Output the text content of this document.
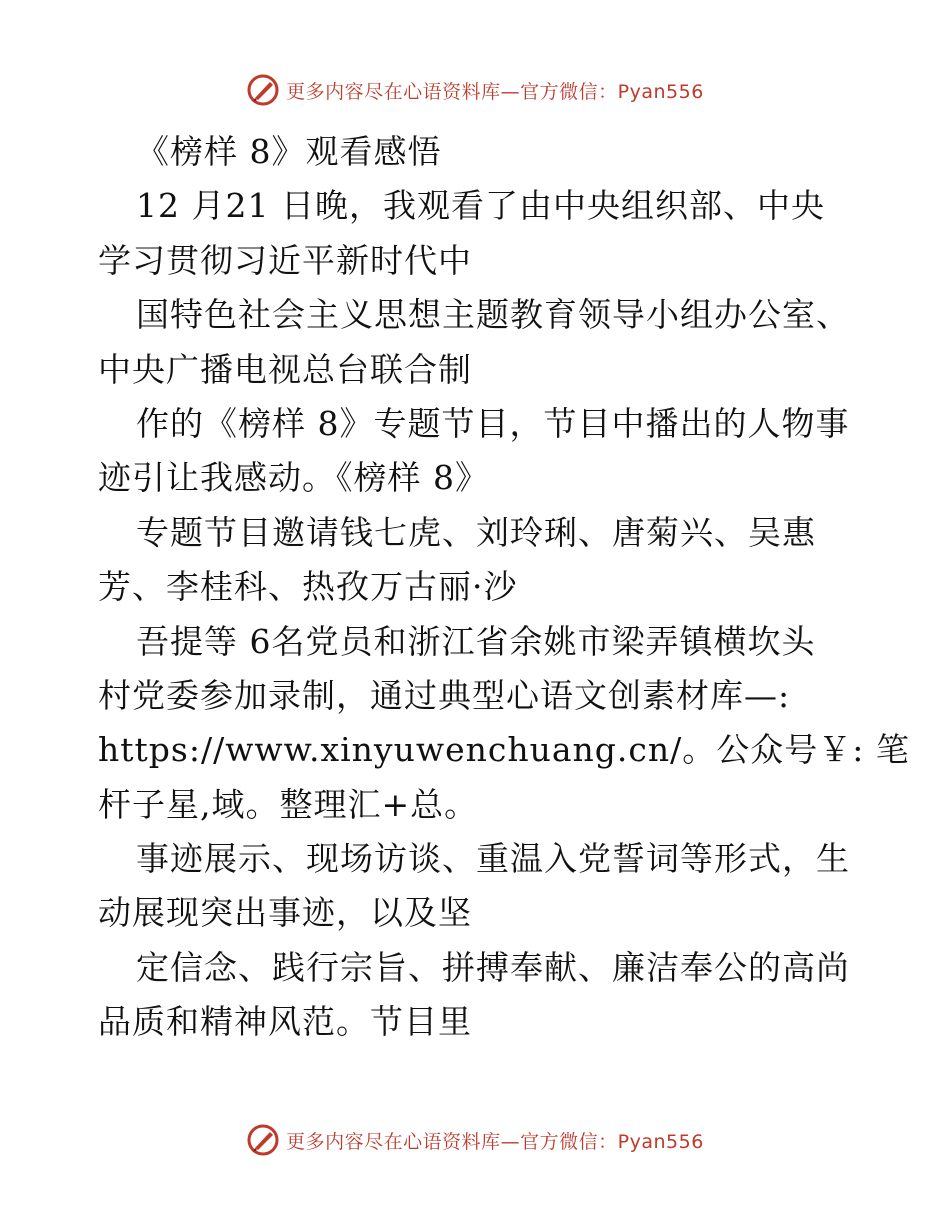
更多内容尽在心语资料库—官方微信：Pyan556
《榜样 8》观看感悟
12 月21 日晚，我观看了由中央组织部、中央
学习贯彻习近平新时代中
国特色社会主义思想主题教育领导小组办公室、
中央广播电视总台联合制
作的《榜样 8》专题节目，节目中播出的人物事
迹引让我感动。《榜样 8》
专题节目邀请钱七虎、刘玲琍、唐菊兴、吴惠
芳、李桂科、热孜万古丽·沙
吾提等 6名党员和浙江省余姚市梁弄镇横坎头
村党委参加录制，通过典型心语文创素材库—:
https://www.xinyuwenchuang.cn/。公众号￥: 笔
杆子星,域。整理汇+总。
事迹展示、现场访谈、重温入党誓词等形式，生
动展现突出事迹，以及坚
定信念、践行宗旨、拼搏奉献、廉洁奉公的高尚
品质和精神风范。节目里
更多内容尽在心语资料库—官方微信：Pyan556
